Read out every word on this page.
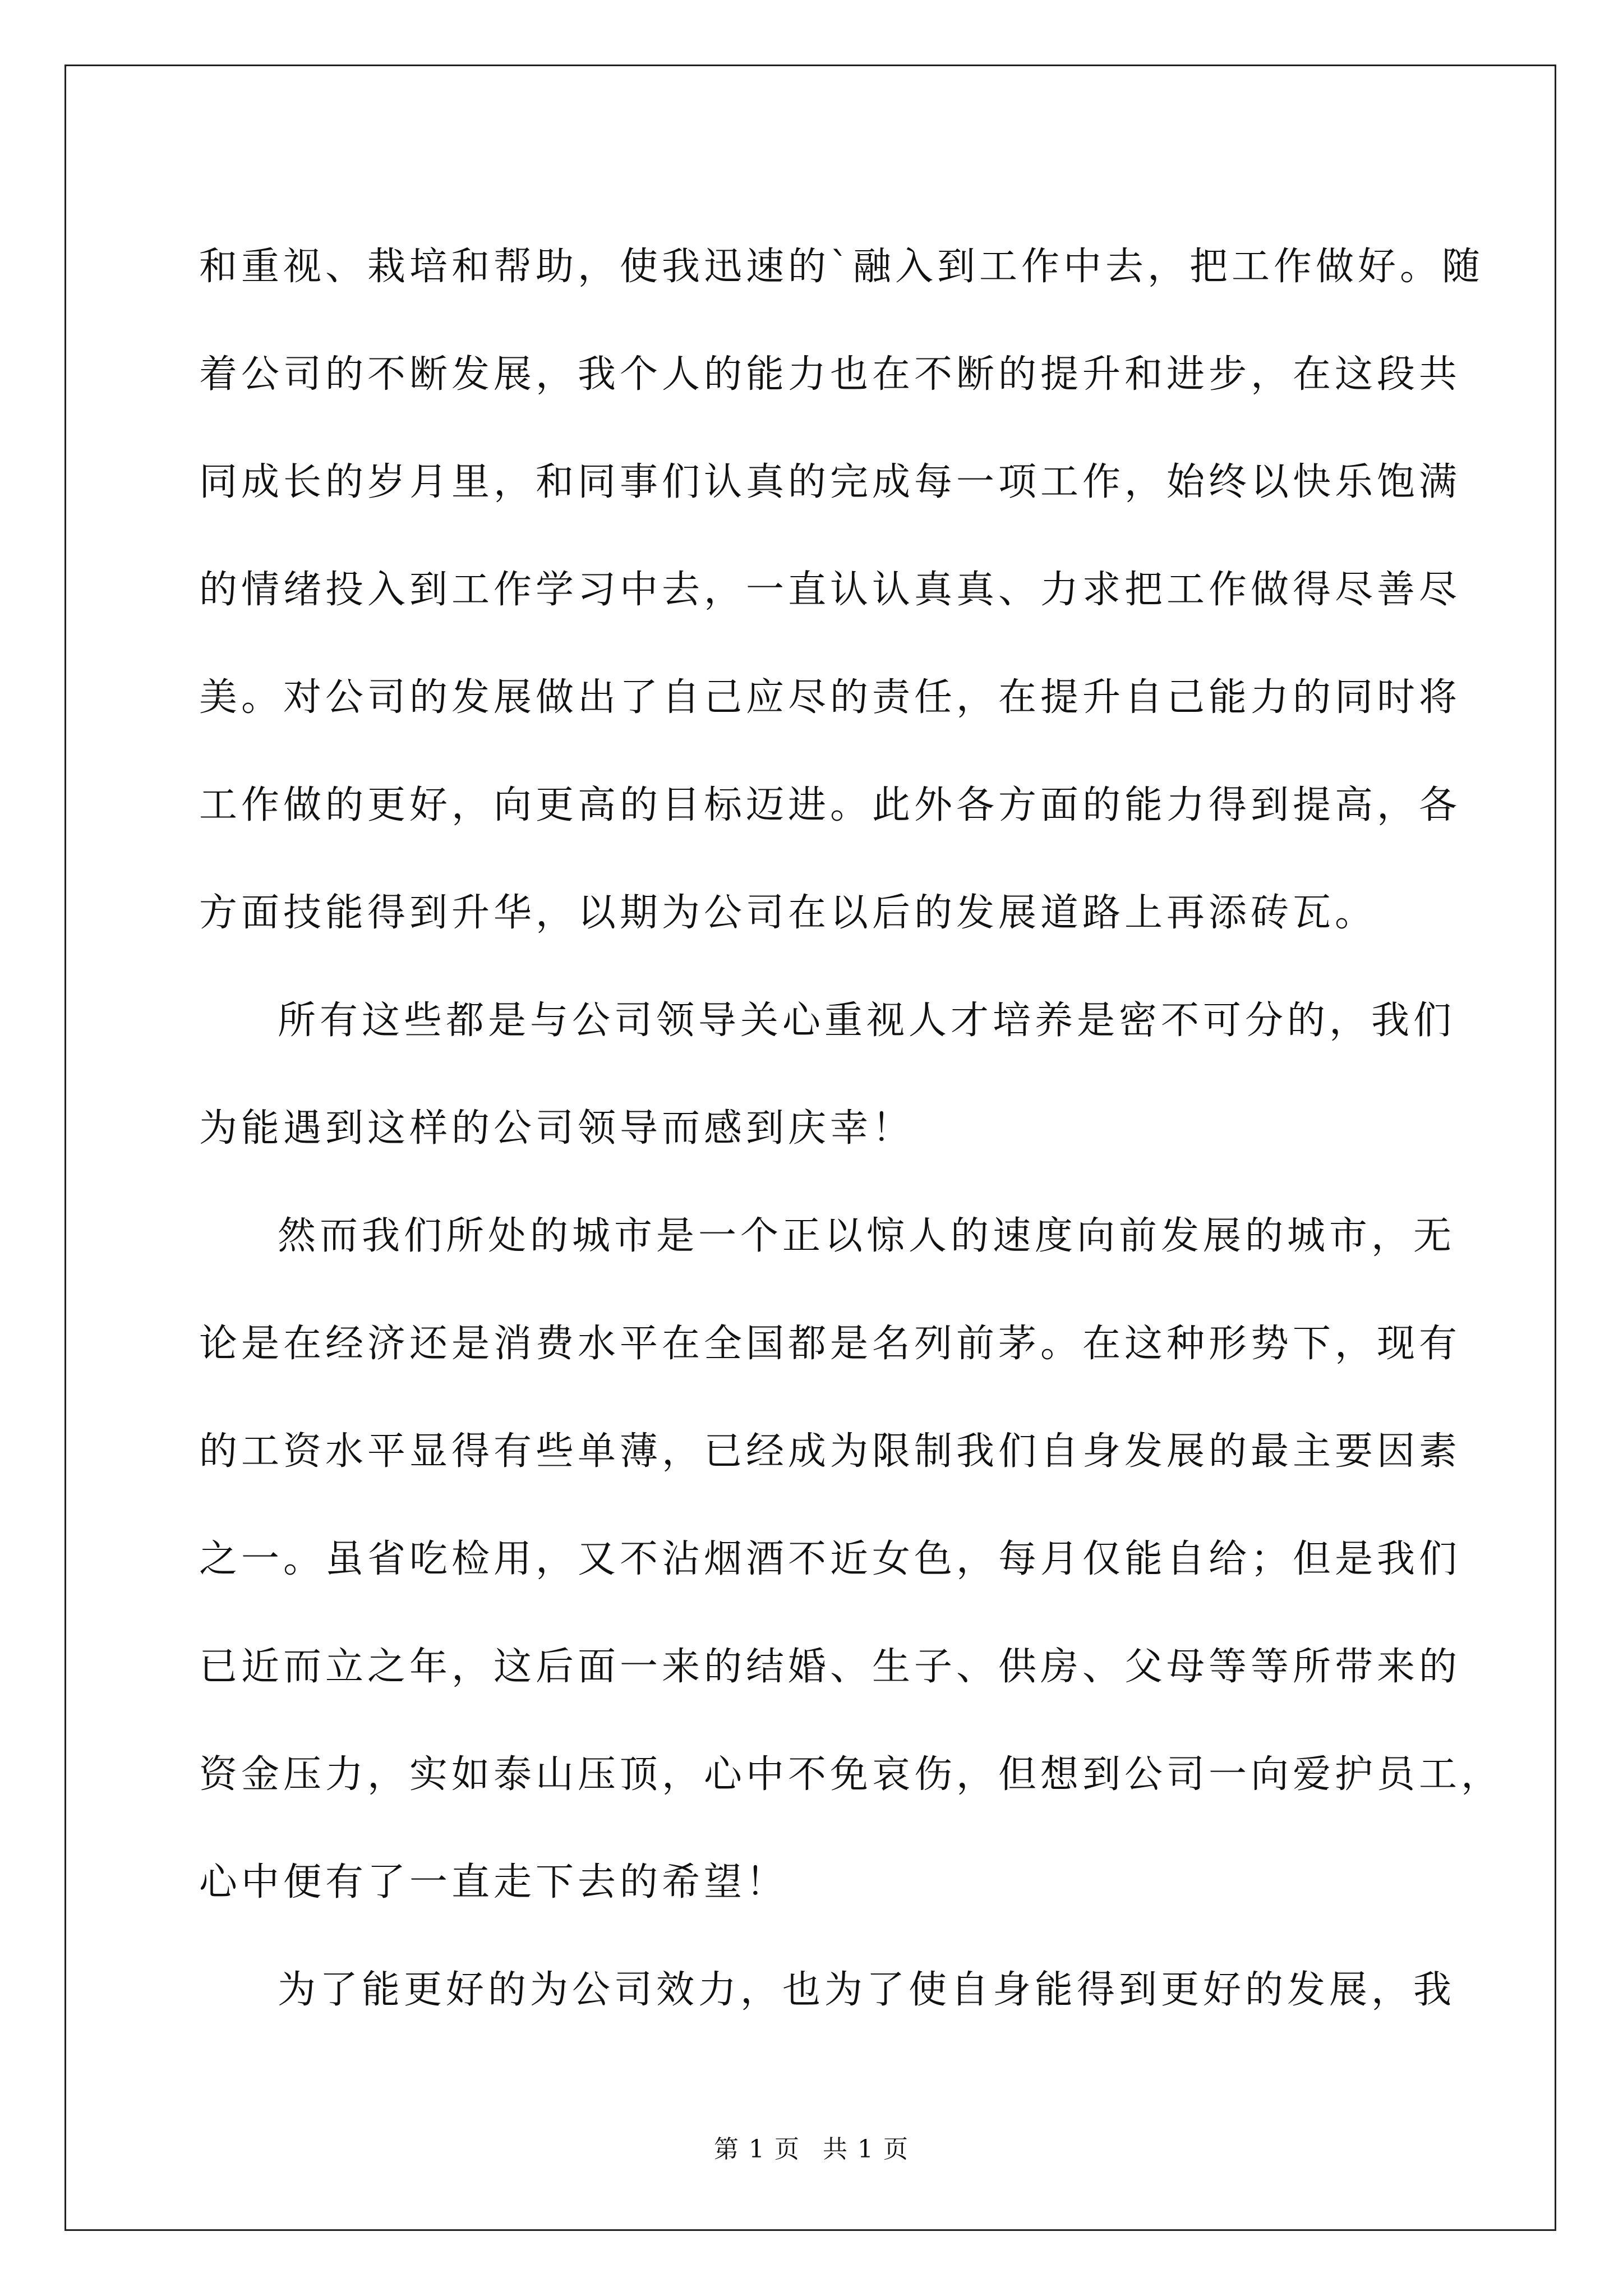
和重视、栽培和帮助，使我迅速的`融入到工作中去，把工作做好。随
着公司的不断发展，我个人的能力也在不断的提升和进步，在这段共
同成长的岁月里，和同事们认真的完成每一项工作，始终以快乐饱满
的情绪投入到工作学习中去，一直认认真真、力求把工作做得尽善尽
美。对公司的发展做出了自己应尽的责任，在提升自己能力的同时将
工作做的更好，向更高的目标迈进。此外各方面的能力得到提高，各
方面技能得到升华，以期为公司在以后的发展道路上再添砖瓦。
所有这些都是与公司领导关心重视人才培养是密不可分的，我们
为能遇到这样的公司领导而感到庆幸！
然而我们所处的城市是一个正以惊人的速度向前发展的城市，无
论是在经济还是消费水平在全国都是名列前茅。在这种形势下，现有
的工资水平显得有些单薄，已经成为限制我们自身发展的最主要因素
之一。虽省吃检用，又不沾烟酒不近女色，每月仅能自给；但是我们
已近而立之年，这后面一来的结婚、生子、供房、父母等等所带来的
资金压力，实如泰山压顶，心中不免哀伤，但想到公司一向爱护员工，
心中便有了一直走下去的希望！
为了能更好的为公司效力，也为了使自身能得到更好的发展，我
第 1 页 共 1 页
